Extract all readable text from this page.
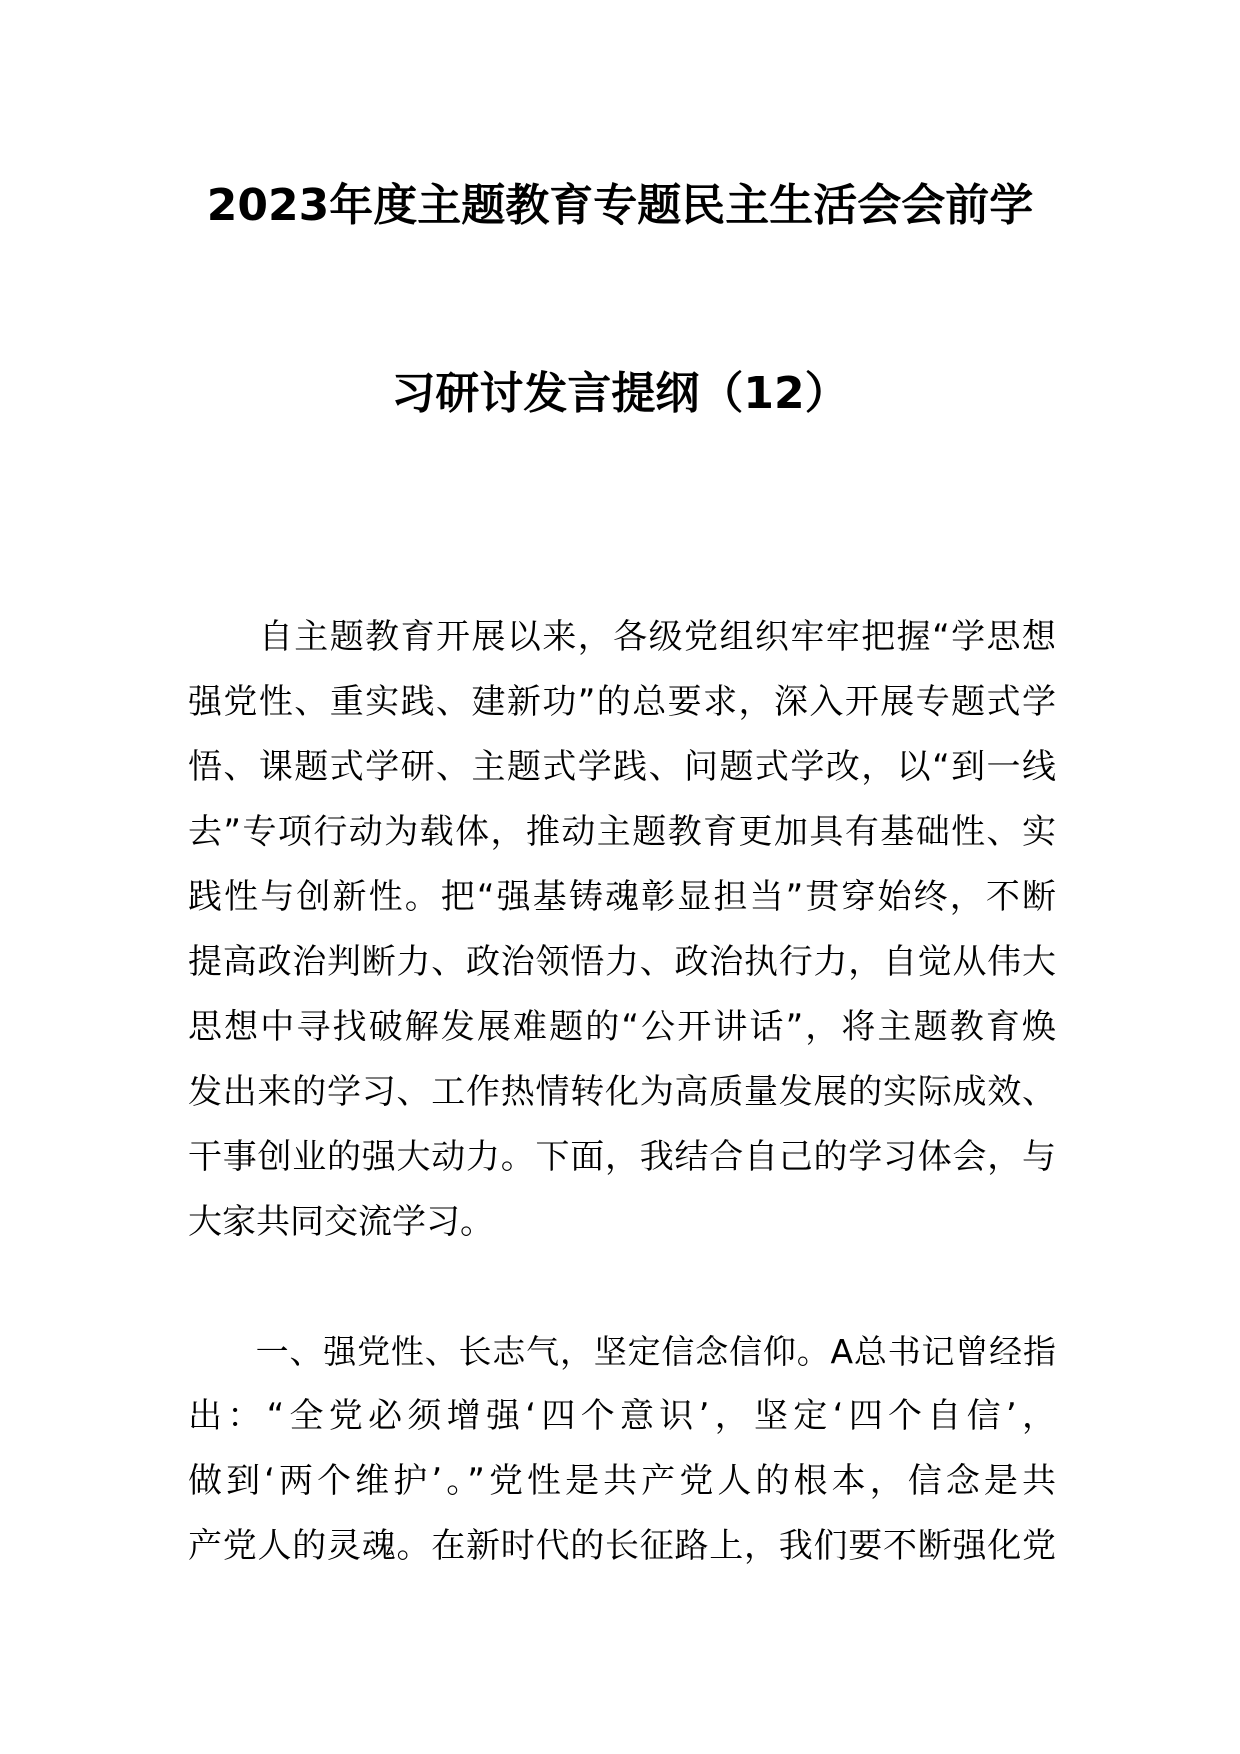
2023年度主题教育专题民主生活会会前学
习研讨发言提纲（12）
　　自主题教育开展以来，各级党组织牢牢把握“学思想
强党性、重实践、建新功”的总要求，深入开展专题式学
悟、课题式学研、主题式学践、问题式学改，以“到一线
去”专项行动为载体，推动主题教育更加具有基础性、实
践性与创新性。把“强基铸魂彰显担当”贯穿始终，不断
提高政治判断力、政治领悟力、政治执行力，自觉从伟大
思想中寻找破解发展难题的“公开讲话”，将主题教育焕
发出来的学习、工作热情转化为高质量发展的实际成效、
干事创业的强大动力。下面，我结合自己的学习体会，与
大家共同交流学习。
　　一、强党性、长志气，坚定信念信仰。A总书记曾经指
出：“全党必须增强‘四个意识’，坚定‘四个自信’，
做到‘两个维护’。”党性是共产党人的根本，信念是共
产党人的灵魂。在新时代的长征路上，我们要不断强化党
